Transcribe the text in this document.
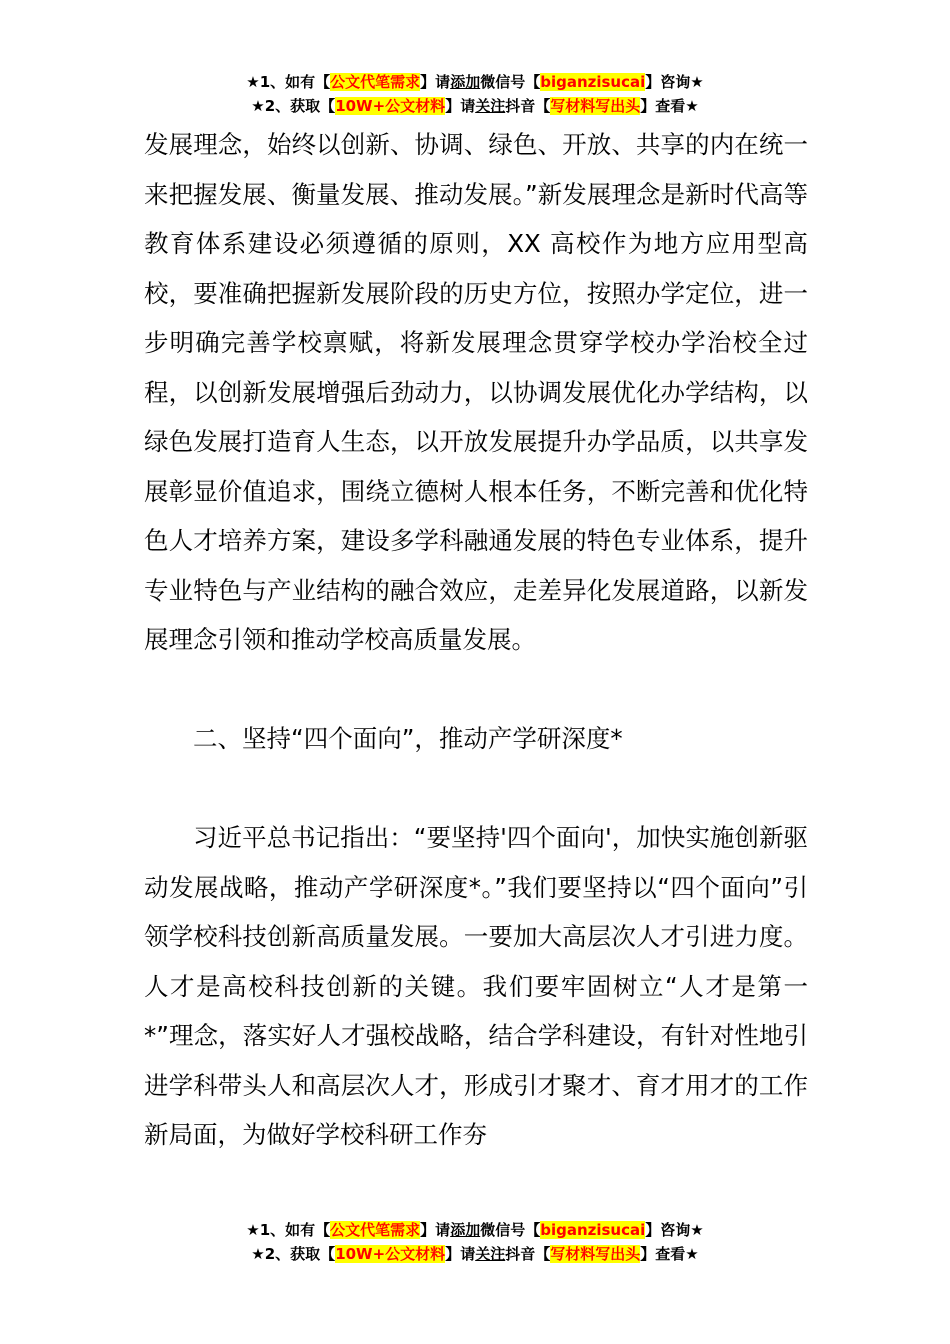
★1、如有【公文代笔需求】请添加微信号【biganzisucai】咨询★
★2、获取【10W+公文材料】请关注抖音【写材料写出头】查看★

发展理念，始终以创新、协调、绿色、开放、共享的内在统一来把握发展、衡量发展、推动发展。”新发展理念是新时代高等教育体系建设必须遵循的原则，XX 高校作为地方应用型高校，要准确把握新发展阶段的历史方位，按照办学定位，进一步明确完善学校禀赋，将新发展理念贯穿学校办学治校全过程，以创新发展增强后劲动力，以协调发展优化办学结构，以绿色发展打造育人生态，以开放发展提升办学品质，以共享发展彰显价值追求，围绕立德树人根本任务，不断完善和优化特色人才培养方案，建设多学科融通发展的特色专业体系，提升专业特色与产业结构的融合效应，走差异化发展道路，以新发展理念引领和推动学校高质量发展。

二、坚持“四个面向”，推动产学研深度*

习近平总书记指出：“要坚持'四个面向'，加快实施创新驱动发展战略，推动产学研深度*。”我们要坚持以“四个面向”引领学校科技创新高质量发展。一要加大高层次人才引进力度。人才是高校科技创新的关键。我们要牢固树立“人才是第一*”理念，落实好人才强校战略，结合学科建设，有针对性地引进学科带头人和高层次人才，形成引才聚才、育才用才的工作新局面，为做好学校科研工作夯

★1、如有【公文代笔需求】请添加微信号【biganzisucai】咨询★
★2、获取【10W+公文材料】请关注抖音【写材料写出头】查看★
